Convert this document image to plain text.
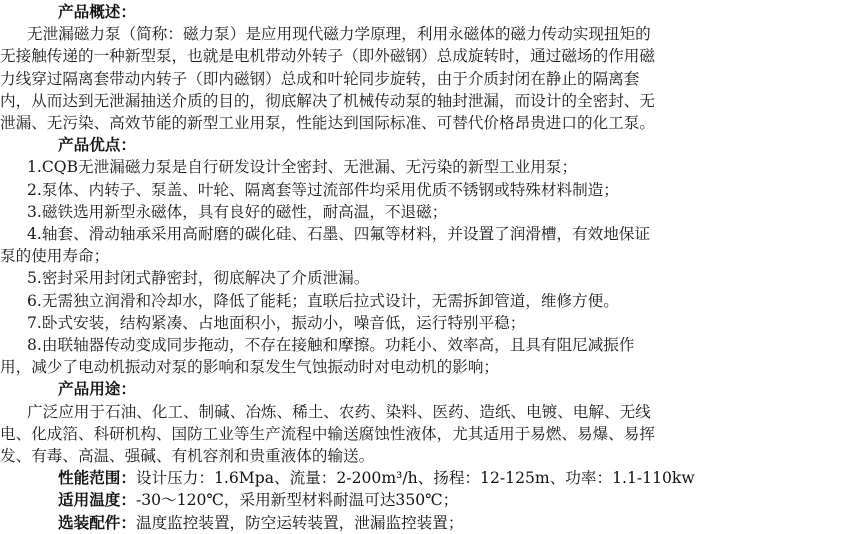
产品概述：
无泄漏磁力泵（简称：磁力泵）是应用现代磁力学原理，利用永磁体的磁力传动实现扭矩的
无接触传递的一种新型泵，也就是电机带动外转子（即外磁钢）总成旋转时，通过磁场的作用磁
力线穿过隔离套带动内转子（即内磁钢）总成和叶轮同步旋转，由于介质封闭在静止的隔离套
内，从而达到无泄漏抽送介质的目的，彻底解决了机械传动泵的轴封泄漏，而设计的全密封、无
泄漏、无污染、高效节能的新型工业用泵，性能达到国际标准、可替代价格昂贵进口的化工泵。
产品优点：
1.CQB无泄漏磁力泵是自行研发设计全密封、无泄漏、无污染的新型工业用泵；
2.泵体、内转子、泵盖、叶轮、隔离套等过流部件均采用优质不锈钢或特殊材料制造；
3.磁铁选用新型永磁体，具有良好的磁性，耐高温，不退磁；
4.轴套、滑动轴承采用高耐磨的碳化硅、石墨、四氟等材料，并设置了润滑槽，有效地保证
泵的使用寿命；
5.密封采用封闭式静密封，彻底解决了介质泄漏。
6.无需独立润滑和冷却水，降低了能耗；直联后拉式设计，无需拆卸管道，维修方便。
7.卧式安装，结构紧凑、占地面积小，振动小，噪音低，运行特别平稳；
8.由联轴器传动变成同步拖动，不存在接触和摩擦。功耗小、效率高，且具有阻尼减振作
用，减少了电动机振动对泵的影响和泵发生气蚀振动时对电动机的影响；
产品用途：
广泛应用于石油、化工、制碱、冶炼、稀土、农药、染料、医药、造纸、电镀、电解、无线
电、化成箔、科研机构、国防工业等生产流程中输送腐蚀性液体，尤其适用于易燃、易爆、易挥
发、有毒、高温、强碱、有机容剂和贵重液体的输送。
性能范围：设计压力：1.6Mpa、流量：2-200m³/h、扬程：12-125m、功率：1.1-110kw
适用温度：-30～120℃，采用新型材料耐温可达350℃；
选装配件：温度监控装置，防空运转装置，泄漏监控装置；
